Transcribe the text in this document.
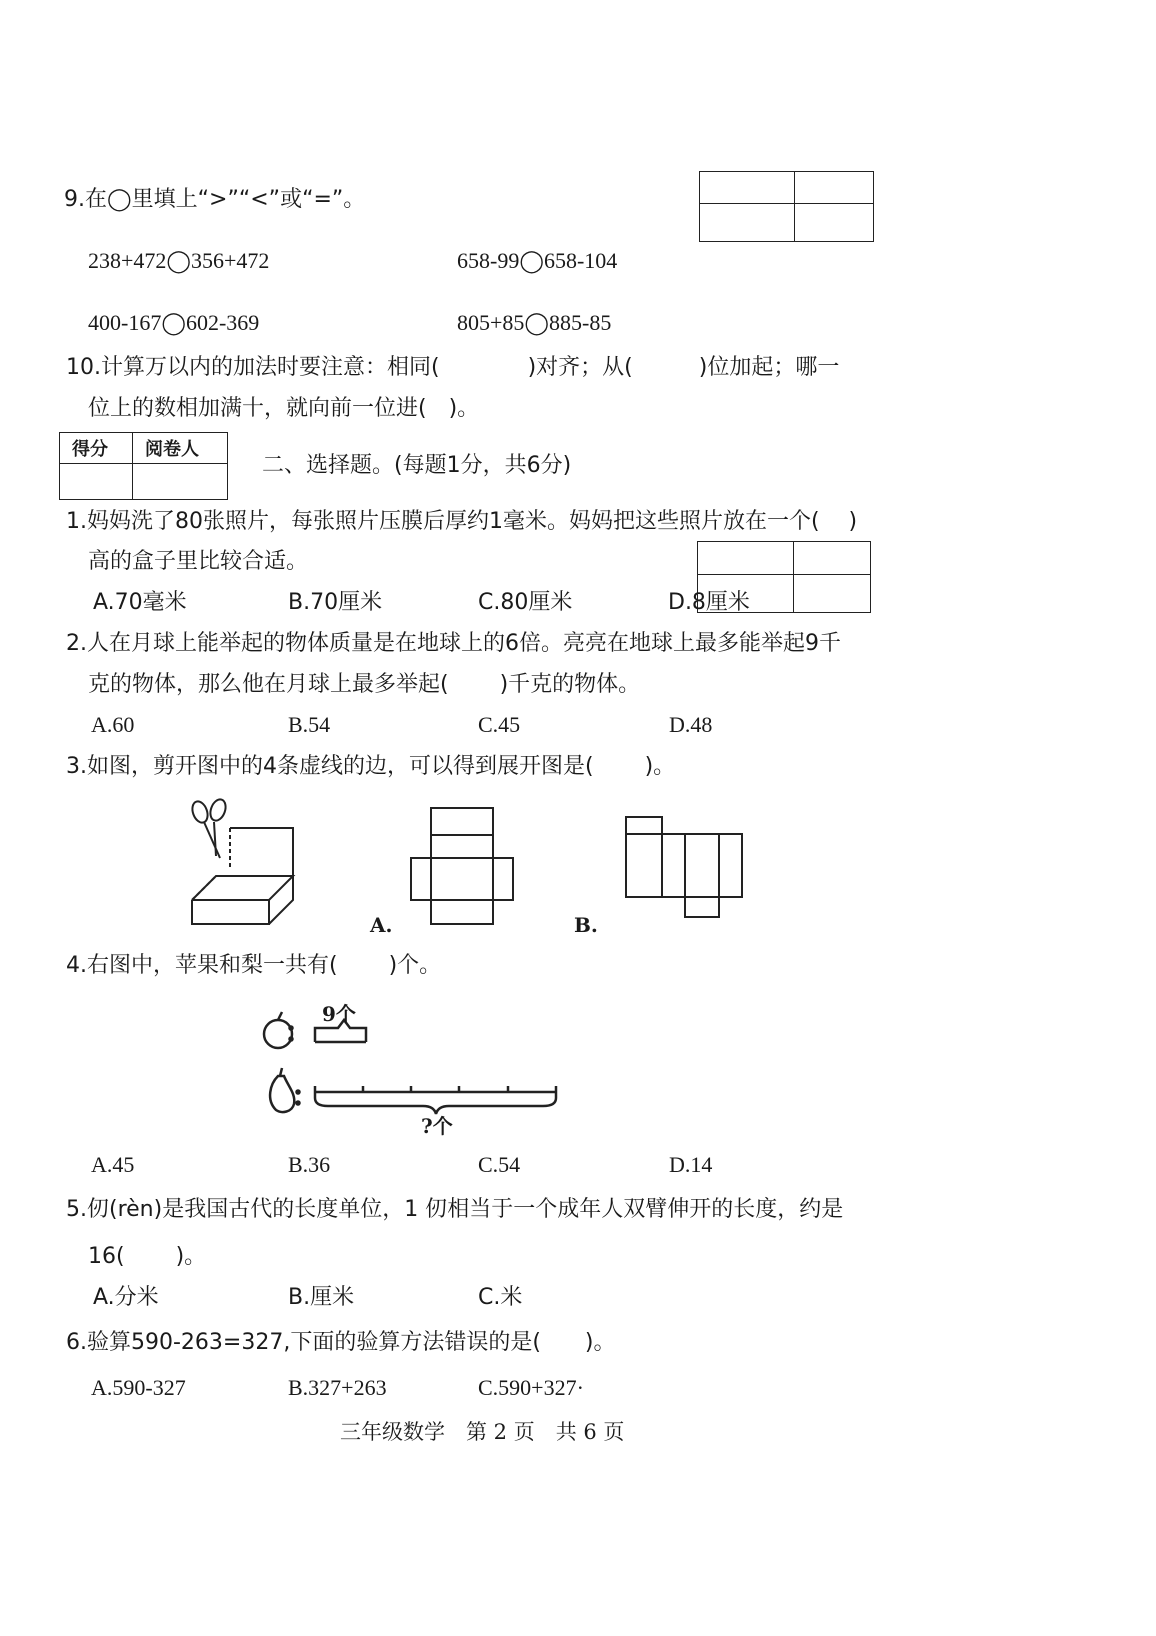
9.在◯里填上“>”“<”或“=”。
238+472◯356+472	658-99◯658-104
400-167◯602-369	805+85◯885-85
10.计算万以内的加法时要注意：相同(　　　　)对齐；从(　　　)位加起；哪一
位上的数相加满十，就向前一位进(　)。
得分 阅卷人
二、选择题。(每题1分，共6分)
1.妈妈洗了80张照片，每张照片压膜后厚约1毫米。妈妈把这些照片放在一个(　 )
高的盒子里比较合适。
A.70毫米	B.70厘米	C.80厘米	D.8厘米
2.人在月球上能举起的物体质量是在地球上的6倍。亮亮在地球上最多能举起9千
克的物体，那么他在月球上最多举起(　　 )千克的物体。
A.60	B.54	C.45	D.48
3.如图，剪开图中的4条虚线的边，可以得到展开图是(　　 )。
A.	B.
4.右图中，苹果和梨一共有(　　 )个。
9个
?个
A.45	B.36	C.54	D.14
5.仞(rèn)是我国古代的长度单位，1 仞相当于一个成年人双臂伸开的长度，约是
16(　　 )。
A.分米	B.厘米	C.米
6.验算590-263=327,下面的验算方法错误的是(　　)。
A.590-327	B.327+263	C.590+327·
三年级数学　第 2 页　共 6 页
